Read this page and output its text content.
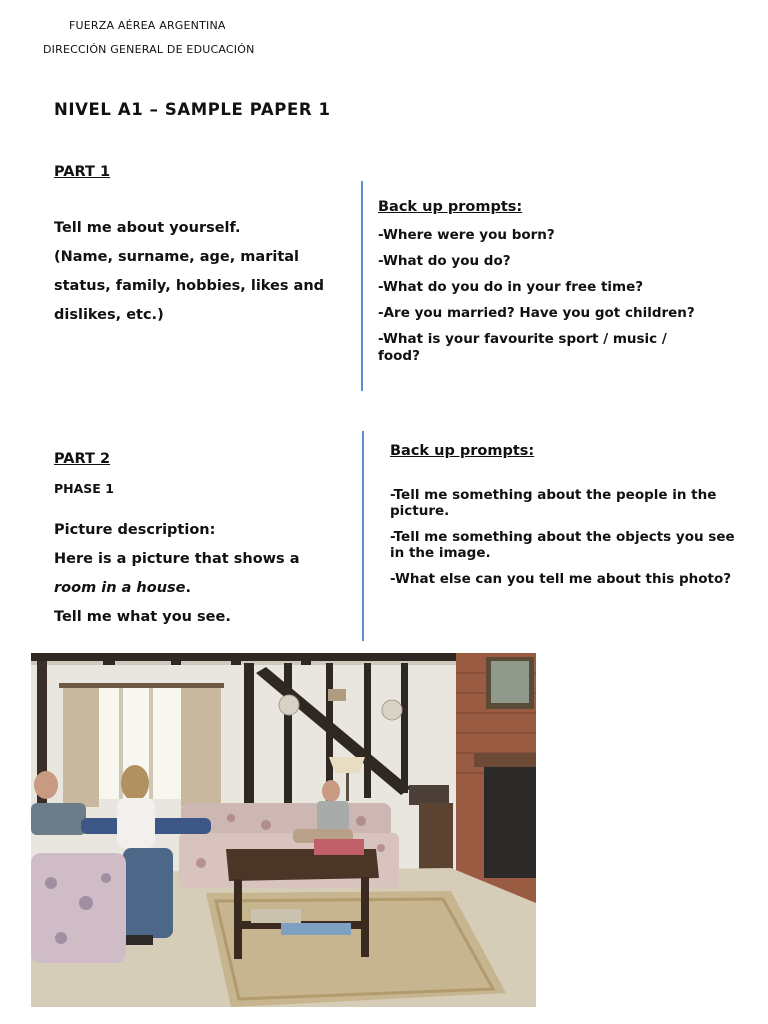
FUERZA AÉREA ARGENTINA
DIRECCIÓN GENERAL DE EDUCACIÓN
NIVEL A1 – SAMPLE PAPER 1
PART 1

Tell me about yourself.

(Name, surname, age, marital

status, family, hobbies, likes and

dislikes, etc.)

Back up prompts:
-Where were you born?
-What do you do?
-What do you do in your free time?
-Are you married? Have you got children?
-What is your favourite sport / music / food?
PART 2
PHASE 1

Picture description:

Here is a picture that shows a

room in a house.

Tell me what you see.

Back up prompts:
-Tell me something about the people in the picture.
-Tell me something about the objects you see in the image.
-What else can you tell me about this photo?
